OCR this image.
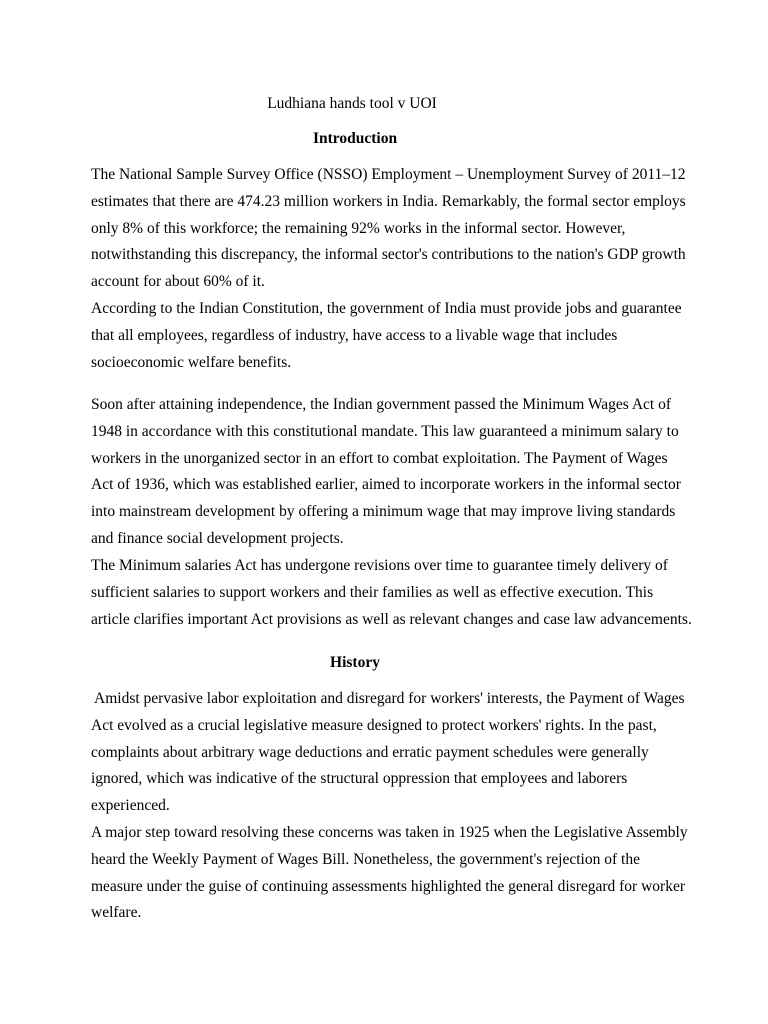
Ludhiana hands tool v UOI
Introduction

The National Sample Survey Office (NSSO) Employment – Unemployment Survey of 2011–12
estimates that there are 474.23 million workers in India. Remarkably, the formal sector employs
only 8% of this workforce; the remaining 92% works in the informal sector. However,
notwithstanding this discrepancy, the informal sector's contributions to the nation's GDP growth
account for about 60% of it.

According to the Indian Constitution, the government of India must provide jobs and guarantee
that all employees, regardless of industry, have access to a livable wage that includes
socioeconomic welfare benefits.

Soon after attaining independence, the Indian government passed the Minimum Wages Act of
1948 in accordance with this constitutional mandate. This law guaranteed a minimum salary to
workers in the unorganized sector in an effort to combat exploitation. The Payment of Wages
Act of 1936, which was established earlier, aimed to incorporate workers in the informal sector
into mainstream development by offering a minimum wage that may improve living standards
and finance social development projects.

The Minimum salaries Act has undergone revisions over time to guarantee timely delivery of
sufficient salaries to support workers and their families as well as effective execution. This
article clarifies important Act provisions as well as relevant changes and case law advancements.

History

Amidst pervasive labor exploitation and disregard for workers' interests, the Payment of Wages
Act evolved as a crucial legislative measure designed to protect workers' rights. In the past,
complaints about arbitrary wage deductions and erratic payment schedules were generally
ignored, which was indicative of the structural oppression that employees and laborers
experienced.

A major step toward resolving these concerns was taken in 1925 when the Legislative Assembly
heard the Weekly Payment of Wages Bill. Nonetheless, the government's rejection of the
measure under the guise of continuing assessments highlighted the general disregard for worker
welfare.
